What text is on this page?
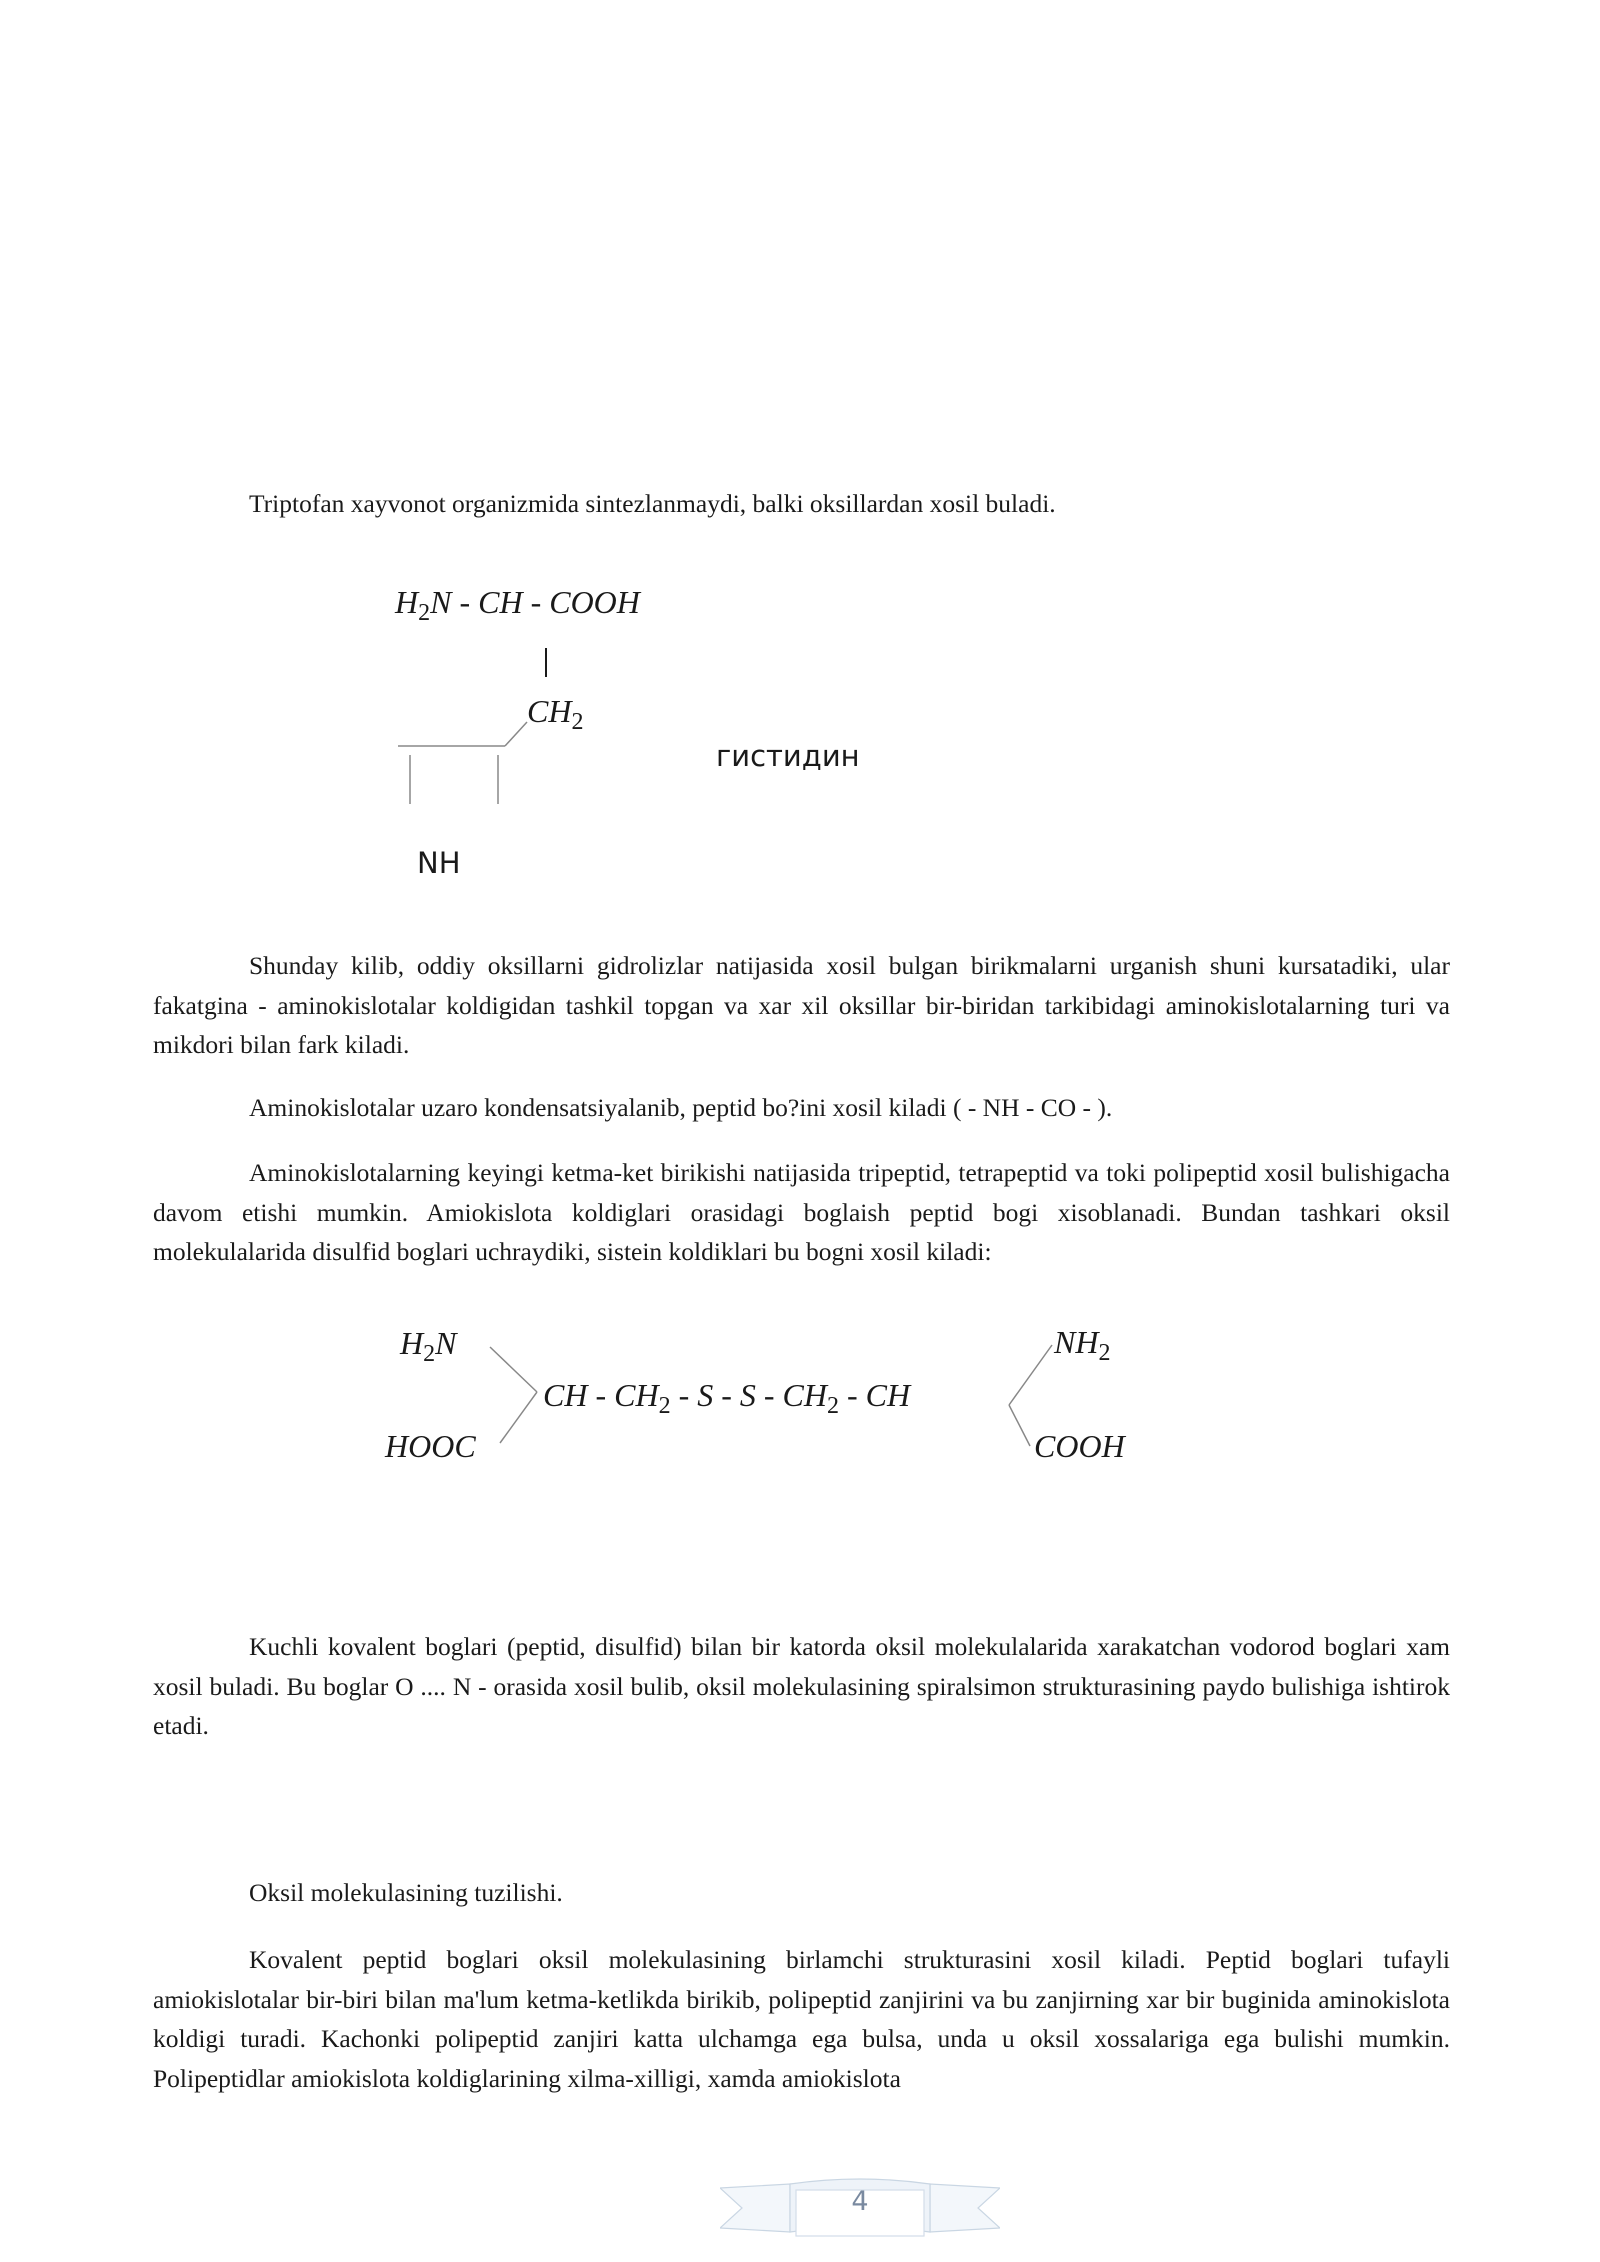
Triptofan xayvonot organizmida sintezlanmaydi, balki oksillardan xosil buladi.

$H_2N$ - CH - COOH
$CH_2$
гистидин
NH

Shunday kilib, oddiy oksillarni gidrolizlar natijasida xosil bulgan birikmalarni urganish shuni kursatadiki, ular fakatgina - aminokislotalar koldigidan tashkil topgan va xar xil oksillar bir-biridan tarkibidagi aminokislotalarning turi va mikdori bilan fark kiladi.

Aminokislotalar uzaro kondensatsiyalanib, peptid bo?ini xosil kiladi ( - NH - CO - ).

Aminokislotalarning keyingi ketma-ket birikishi natijasida tripeptid, tetrapeptid va toki polipeptid xosil bulishigacha davom etishi mumkin. Amiokislota koldiglari orasidagi boglaish peptid bogi xisoblanadi. Bundan tashkari oksil molekulalarida disulfid boglari uchraydiki, sistein koldiklari bu bogni xosil kiladi:

$H_2N$
HOOC
CH - $CH_2$ - S - S - $CH_2$ - CH
$NH_2$
COOH

Kuchli kovalent boglari (peptid, disulfid) bilan bir katorda oksil molekulalarida xarakatchan vodorod boglari xam xosil buladi. Bu boglar O .... N - orasida xosil bulib, oksil molekulasining spiralsimon strukturasining paydo bulishiga ishtirok etadi.

Oksil molekulasining tuzilishi.

Kovalent peptid boglari oksil molekulasining birlamchi strukturasini xosil kiladi. Peptid boglari tufayli amiokislotalar bir-biri bilan ma'lum ketma-ketlikda birikib, polipeptid zanjirini va bu zanjirning xar bir buginida aminokislota koldigi turadi. Kachonki polipeptid zanjiri katta ulchamga ega bulsa, unda u oksil xossalariga ega bulishi mumkin. Polipeptidlar amiokislota koldiglarining xilma-xilligi, xamda amiokislota

4
